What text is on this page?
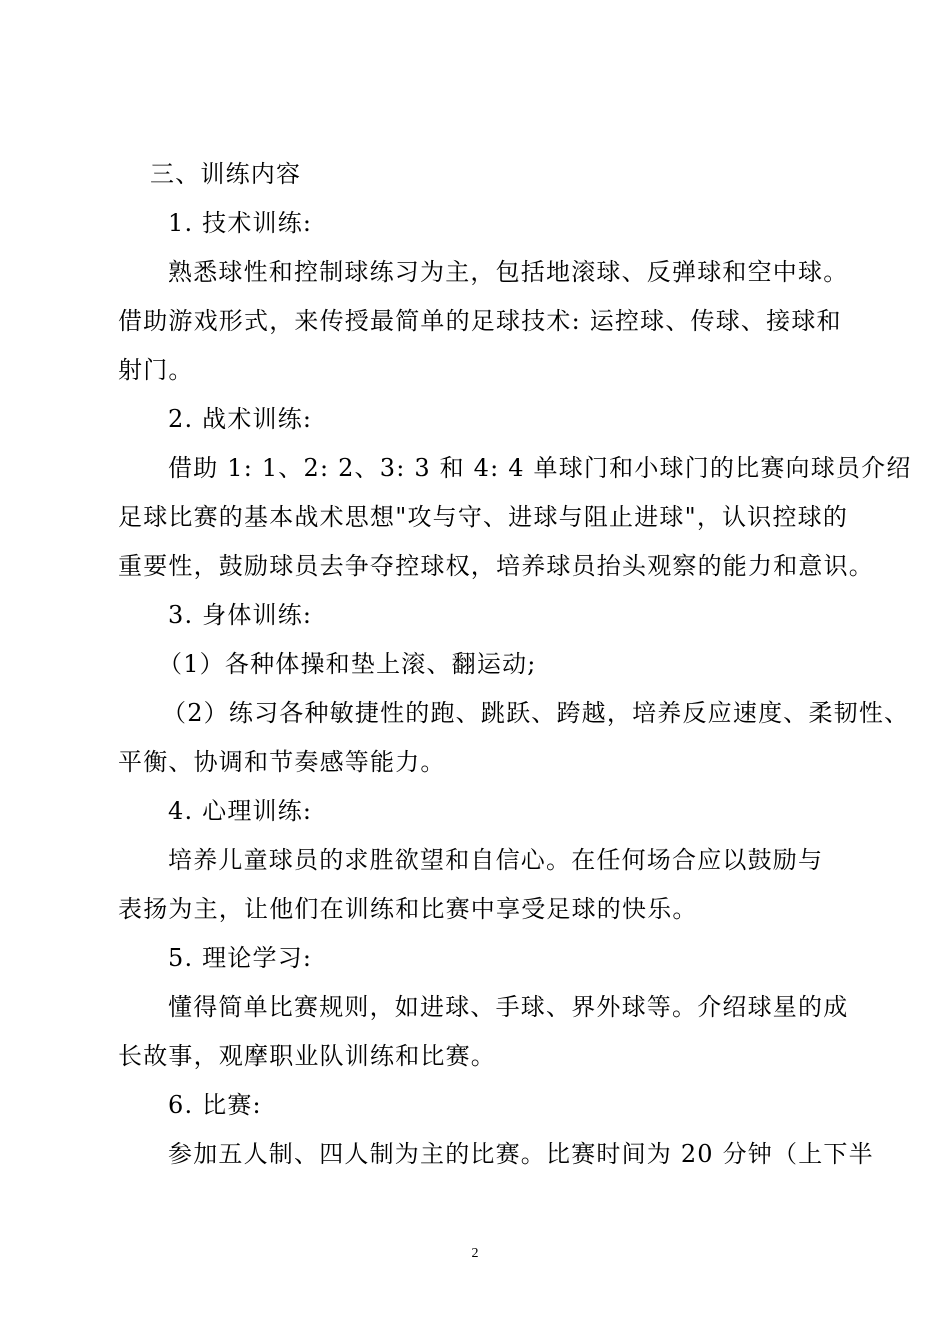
三、训练内容
1. 技术训练:
熟悉球性和控制球练习为主，包括地滚球、反弹球和空中球。
借助游戏形式，来传授最简单的足球技术: 运控球、传球、接球和
射门。
2. 战术训练:
借助 1: 1、2: 2、3: 3 和 4: 4 单球门和小球门的比赛向球员介绍
足球比赛的基本战术思想"攻与守、进球与阻止进球"，认识控球的
重要性，鼓励球员去争夺控球权，培养球员抬头观察的能力和意识。
3. 身体训练:
（1）各种体操和垫上滚、翻运动;
（2）练习各种敏捷性的跑、跳跃、跨越，培养反应速度、柔韧性、
平衡、协调和节奏感等能力。
4. 心理训练:
培养儿童球员的求胜欲望和自信心。在任何场合应以鼓励与
表扬为主，让他们在训练和比赛中享受足球的快乐。
5. 理论学习:
懂得简单比赛规则，如进球、手球、界外球等。介绍球星的成
长故事，观摩职业队训练和比赛。
6. 比赛:
参加五人制、四人制为主的比赛。比赛时间为 20 分钟（上下半
2
